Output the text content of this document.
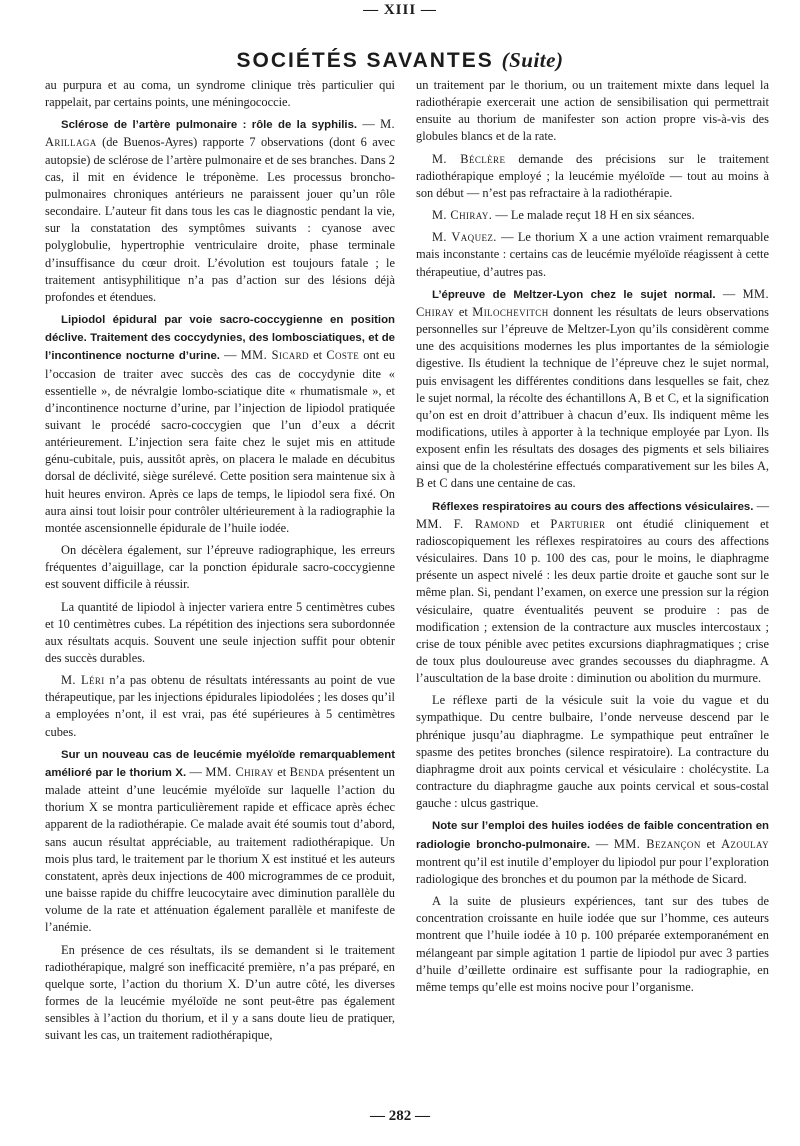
— XIII —
SOCIÉTÉS SAVANTES (Suite)

au purpura et au coma, un syndrome clinique très particulier qui rappelait, par certains points, une méningococcie.

Sclérose de l’artère pulmonaire : rôle de la syphilis. — M. Arillaga (de Buenos-Ayres) rapporte 7 observations (dont 6 avec autopsie) de sclérose de l’artère pulmonaire et de ses branches. Dans 2 cas, il mit en évidence le tréponème. Les processus broncho-pulmonaires chroniques antérieurs ne paraissent jouer qu’un rôle secondaire. L’auteur fit dans tous les cas le diagnostic pendant la vie, sur la constatation des symptômes suivants : cyanose avec polyglobulie, hypertrophie ventriculaire droite, phase terminale d’insuffisance du cœur droit. L’évolution est toujours fatale ; le traitement antisyphilitique n’a pas d’action sur des lésions déjà profondes et étendues.

Lipiodol épidural par voie sacro-coccygienne en position déclive. Traitement des coccydynies, des lombosciatiques, et de l’incontinence nocturne d’urine. — MM. Sicard et Coste ont eu l’occasion de traiter avec succès des cas de coccydynie dite « essentielle », de névralgie lombo-sciatique dite « rhumatismale », et d’incontinence nocturne d’urine, par l’injection de lipiodol pratiquée suivant le procédé sacro-coccygien que l’un d’eux a décrit antérieurement. L’injection sera faite chez le sujet mis en attitude génu-cubitale, puis, aussitôt après, on placera le malade en décubitus dorsal de déclivité, siège surélevé. Cette position sera maintenue six à huit heures environ. Après ce laps de temps, le lipiodol sera fixé. On aura ainsi tout loisir pour contrôler ultérieurement à la radiographie la montée ascensionnelle épidurale de l’huile iodée.

On décèlera également, sur l’épreuve radiographique, les erreurs fréquentes d’aiguillage, car la ponction épidurale sacro-coccygienne est souvent difficile à réussir.

La quantité de lipiodol à injecter variera entre 5 centimètres cubes et 10 centimètres cubes. La répétition des injections sera subordonnée aux résultats acquis. Souvent une seule injection suffit pour obtenir des succès durables.

M. Léri n’a pas obtenu de résultats intéressants au point de vue thérapeutique, par les injections épidurales lipiodolées ; les doses qu’il a employées n’ont, il est vrai, pas été supérieures à 5 centimètres cubes.

Sur un nouveau cas de leucémie myéloïde remarquablement amélioré par le thorium X. — MM. Chiray et Benda présentent un malade atteint d’une leucémie myéloïde sur laquelle l’action du thorium X se montra particulièrement rapide et efficace après échec apparent de la radiothérapie. Ce malade avait été soumis tout d’abord, sans aucun résultat appréciable, au traitement radiothérapique. Un mois plus tard, le traitement par le thorium X est institué et les auteurs constatent, après deux injections de 400 microgrammes de ce produit, une baisse rapide du chiffre leucocytaire avec diminution parallèle du volume de la rate et atténuation également parallèle et manifeste de l’anémie.

En présence de ces résultats, ils se demandent si le traitement radiothérapique, malgré son inefficacité première, n’a pas préparé, en quelque sorte, l’action du thorium X. D’un autre côté, les diverses formes de la leucémie myéloïde ne sont peut-être pas également sensibles à l’action du thorium, et il y a sans doute lieu de pratiquer, suivant les cas, un traitement radiothérapique,

un traitement par le thorium, ou un traitement mixte dans lequel la radiothérapie exercerait une action de sensibilisation qui permettrait ensuite au thorium de manifester son action propre vis-à-vis des globules blancs et de la rate.

M. Béclère demande des précisions sur le traitement radiothérapique employé ; la leucémie myéloïde — tout au moins à son début — n’est pas refractaire à la radiothérapie.

M. Chiray. — Le malade reçut 18 H en six séances.

M. Vaquez. — Le thorium X a une action vraiment remarquable mais inconstante : certains cas de leucémie myéloïde réagissent à cette thérapeutiue, d’autres pas.

L’épreuve de Meltzer-Lyon chez le sujet normal. — MM. Chiray et Milochevitch donnent les résultats de leurs observations personnelles sur l’épreuve de Meltzer-Lyon qu’ils considèrent comme une des acquisitions modernes les plus importantes de la sémiologie digestive. Ils étudient la technique de l’épreuve chez le sujet normal, puis envisagent les différentes conditions dans lesquelles se fait, chez le sujet normal, la récolte des échantillons A, B et C, et la signification qu’on est en droit d’attribuer à chacun d’eux. Ils indiquent même les modifications, utiles à apporter à la technique employée par Lyon. Ils exposent enfin les résultats des dosages des pigments et sels biliaires ainsi que de la cholestérine effectués comparativement sur les biles A, B et C dans une centaine de cas.

Réflexes respiratoires au cours des affections vésiculaires. — MM. F. Ramond et Parturier ont étudié cliniquement et radioscopiquement les réflexes respiratoires au cours des affections vésiculaires. Dans 10 p. 100 des cas, pour le moins, le diaphragme présente un aspect nivelé : les deux partie droite et gauche sont sur le même plan. Si, pendant l’examen, on exerce une pression sur la région vésiculaire, quatre éventualités peuvent se produire : pas de modification ; extension de la contracture aux muscles intercostaux ; crise de toux pénible avec petites excursions diaphragmatiques ; crise de toux plus douloureuse avec grandes secousses du diaphragme. A l’auscultation de la base droite : diminution ou abolition du murmure.

Le réflexe parti de la vésicule suit la voie du vague et du sympathique. Du centre bulbaire, l’onde nerveuse descend par le phrénique jusqu’au diaphragme. Le sympathique peut entraîner le spasme des petites bronches (silence respiratoire). La contracture du diaphragme droit aux points cervical et vésiculaire : cholécystite. La contracture du diaphragme gauche aux points cervical et sous-costal gauche : ulcus gastrique.

Note sur l’emploi des huiles iodées de faible concentration en radiologie broncho-pulmonaire. — MM. Bezançon et Azoulay montrent qu’il est inutile d’employer du lipiodol pur pour l’exploration radiologique des bronches et du poumon par la méthode de Sicard.

A la suite de plusieurs expériences, tant sur des tubes de concentration croissante en huile iodée que sur l’homme, ces auteurs montrent que l’huile iodée à 10 p. 100 préparée extemporanément en mélangeant par simple agitation 1 partie de lipiodol pur avec 3 parties d’huile d’œillette ordinaire est suffisante pour la radiographie, en même temps qu’elle est moins nocive pour l’organisme.

— 282 —
